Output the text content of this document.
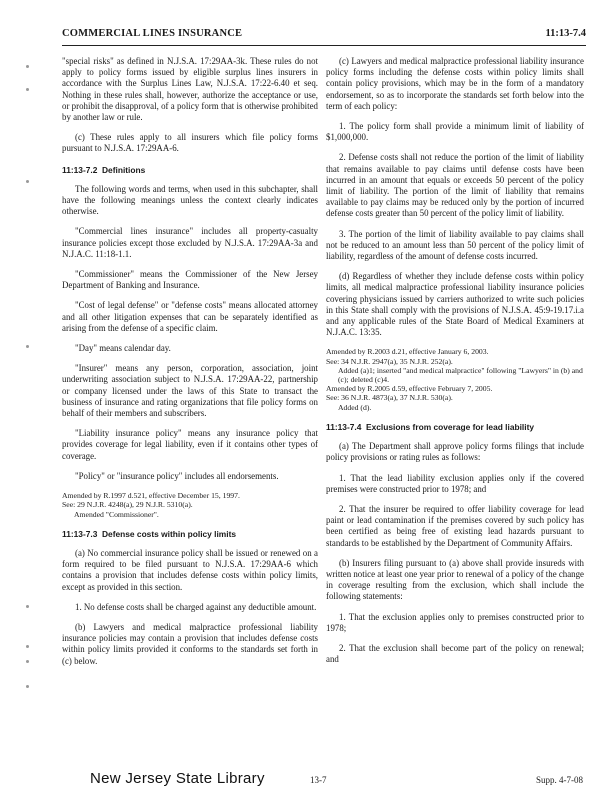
COMMERCIAL LINES INSURANCE	11:13-7.4

"special risks" as defined in N.J.S.A. 17:29AA-3k. These rules do not apply to policy forms issued by eligible surplus lines insurers in accordance with the Surplus Lines Law, N.J.S.A. 17:22-6.40 et seq. Nothing in these rules shall, however, authorize the acceptance or use, or prohibit the disapproval, of a policy form that is otherwise prohibited by another law or rule.

(c) These rules apply to all insurers which file policy forms pursuant to N.J.S.A. 17:29AA-6.

11:13-7.2 Definitions

The following words and terms, when used in this subchapter, shall have the following meanings unless the context clearly indicates otherwise.

"Commercial lines insurance" includes all property-casualty insurance policies except those excluded by N.J.S.A. 17:29AA-3a and N.J.A.C. 11:18-1.1.

"Commissioner" means the Commissioner of the New Jersey Department of Banking and Insurance.

"Cost of legal defense" or "defense costs" means allocated attorney and all other litigation expenses that can be separately identified as arising from the defense of a specific claim.

"Day" means calendar day.

"Insurer" means any person, corporation, association, joint underwriting association subject to N.J.S.A. 17:29AA-22, partnership or company licensed under the laws of this State to transact the business of insurance and rating organizations that file policy forms on behalf of their members and subscribers.

"Liability insurance policy" means any insurance policy that provides coverage for legal liability, even if it contains other types of coverage.

"Policy" or "insurance policy" includes all endorsements.

Amended by R.1997 d.521, effective December 15, 1997.

See: 29 N.J.R. 4248(a), 29 N.J.R. 5310(a).

Amended "Commissioner".

11:13-7.3 Defense costs within policy limits

(a) No commercial insurance policy shall be issued or renewed on a form required to be filed pursuant to N.J.S.A. 17:29AA-6 which contains a provision that includes defense costs within policy limits, except as provided in this section.

1. No defense costs shall be charged against any deductible amount.

(b) Lawyers and medical malpractice professional liability insurance policies may contain a provision that includes defense costs within policy limits provided it conforms to the standards set forth in (c) below.

(c) Lawyers and medical malpractice professional liability insurance policy forms including the defense costs within policy limits shall contain policy provisions, which may be in the form of a mandatory endorsement, so as to incorporate the standards set forth below into the term of each policy:

1. The policy form shall provide a minimum limit of liability of $1,000,000.

2. Defense costs shall not reduce the portion of the limit of liability that remains available to pay claims until defense costs have been incurred in an amount that equals or exceeds 50 percent of the policy limit of liability. The portion of the limit of liability that remains available to pay claims may be reduced only by the portion of incurred defense costs greater than 50 percent of the policy limit of liability.

3. The portion of the limit of liability available to pay claims shall not be reduced to an amount less than 50 percent of the policy limit of liability, regardless of the amount of defense costs incurred.

(d) Regardless of whether they include defense costs within policy limits, all medical malpractice professional liability insurance policies covering physicians issued by carriers authorized to write such policies in this State shall comply with the provisions of N.J.S.A. 45:9-19.17.i.a and any applicable rules of the State Board of Medical Examiners at N.J.A.C. 13:35.

Amended by R.2003 d.21, effective January 6, 2003.

See: 34 N.J.R. 2947(a), 35 N.J.R. 252(a).

Added (a)1; inserted "and medical malpractice" following "Lawyers" in (b) and (c); deleted (c)4.

Amended by R.2005 d.59, effective February 7, 2005.

See: 36 N.J.R. 4873(a), 37 N.J.R. 530(a).

Added (d).

11:13-7.4 Exclusions from coverage for lead liability

(a) The Department shall approve policy forms filings that include policy provisions or rating rules as follows:

1. That the lead liability exclusion applies only if the covered premises were constructed prior to 1978; and

2. That the insurer be required to offer liability coverage for lead paint or lead contamination if the premises covered by such policy has been certified as being free of existing lead hazards pursuant to standards to be established by the Department of Community Affairs.

(b) Insurers filing pursuant to (a) above shall provide insureds with written notice at least one year prior to renewal of a policy of the change in coverage resulting from the exclusion, which shall include the following statements:

1. That the exclusion applies only to premises constructed prior to 1978;

2. That the exclusion shall become part of the policy on renewal; and

New Jersey State Library	13-7	Supp. 4-7-08
